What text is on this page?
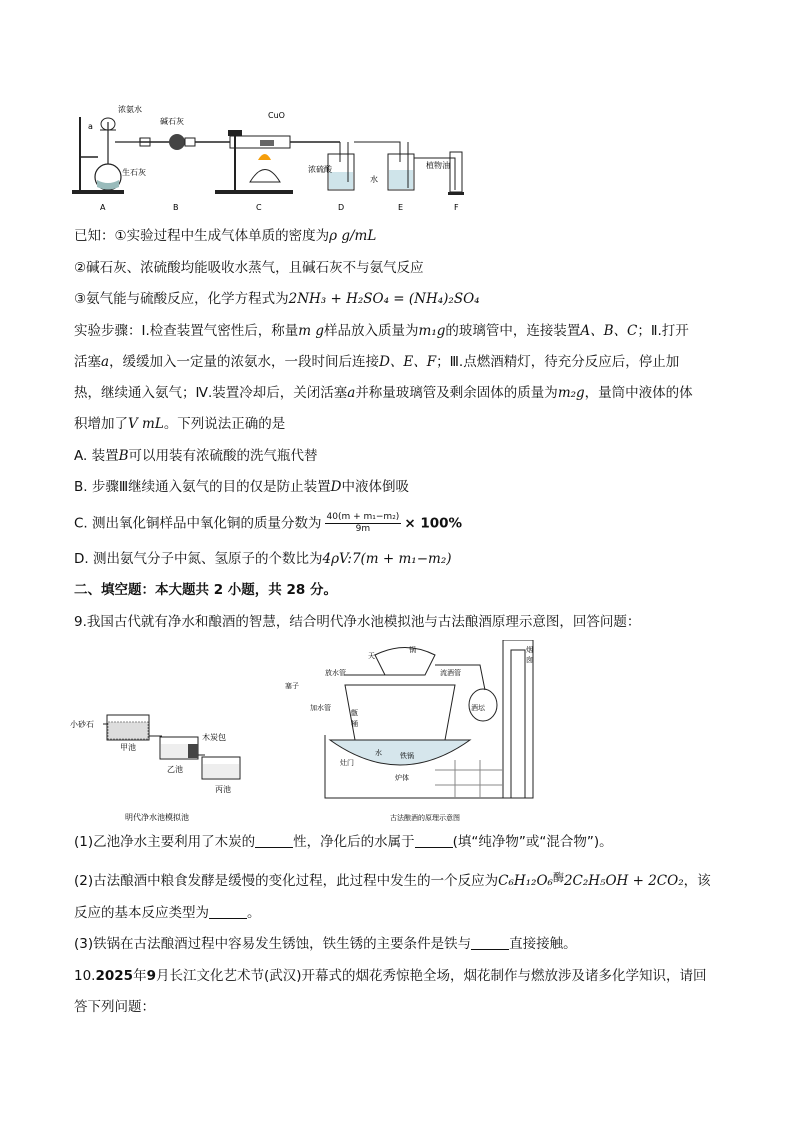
浓氨水
a
生石灰
碱石灰
CuO
浓硫酸
水
植物油
A	B	C	D	E	F
已知：①实验过程中生成气体单质的密度为ρ g/mL
②碱石灰、浓硫酸均能吸收水蒸气，且碱石灰不与氨气反应
③氨气能与硫酸反应，化学方程式为2NH₃ + H₂SO₄ = (NH₄)₂SO₄
实验步骤：Ⅰ.检查装置气密性后，称量m g样品放入质量为m₁g的玻璃管中，连接装置A、B、C；Ⅱ.打开
活塞a，缓缓加入一定量的浓氨水，一段时间后连接D、E、F；Ⅲ.点燃酒精灯，待充分反应后，停止加
热，继续通入氨气；Ⅳ.装置冷却后，关闭活塞a并称量玻璃管及剩余固体的质量为m₂g，量筒中液体的体
积增加了V mL。下列说法正确的是
A. 装置B可以用装有浓硫酸的洗气瓶代替
B. 步骤Ⅲ继续通入氨气的目的仅是防止装置D中液体倒吸
C. 测出氧化铜样品中氧化铜的质量分数为 $\frac{\text{40(m + m₁−m₂)}}{9m} \times 100\%$
D. 测出氨气分子中氮、氢原子的个数比为4ρV:7(m + m₁−m₂)
二、填空题：本大题共 2 小题，共 28 分。
9.我国古代就有净水和酿酒的智慧，结合明代净水池模拟池与古法酿酒原理示意图，回答问题：
小砂石
甲池
木炭包
乙池
丙池
明代净水池模拟池
烟
囱
天
锅
放水管	流酒管
塞子
酒坛
加水管
甑
桶
水	铁锅
灶门
炉体
古法酿酒的原理示意图
(1)乙池净水主要利用了木炭的	性，净化后的水属于	(填“纯净物”或“混合物”)。
(2)古法酿酒中粮食发酵是缓慢的变化过程，此过程中发生的一个反应为C₆H₁₂O₆酶2C₂H₅OH + 2CO₂，该
反应的基本反应类型为	。
(3)铁锅在古法酿酒过程中容易发生锈蚀，铁生锈的主要条件是铁与	直接接触。
10.2025年9月长江文化艺术节(武汉)开幕式的烟花秀惊艳全场，烟花制作与燃放涉及诸多化学知识，请回
答下列问题：
